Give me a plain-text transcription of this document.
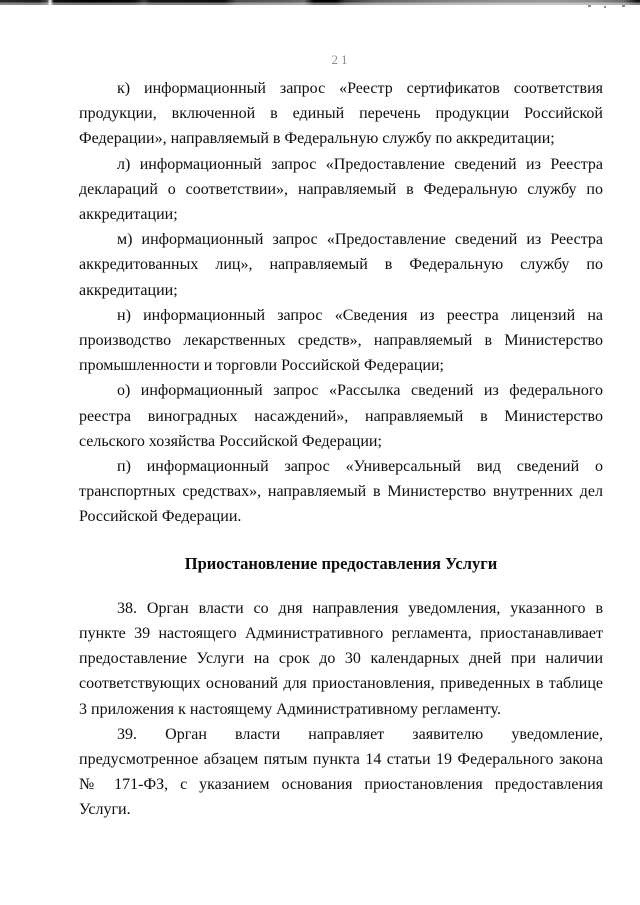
21

к) информационный запрос «Реестр сертификатов соответствия продукции, включенной в единый перечень продукции Российской Федерации», направляемый в Федеральную службу по аккредитации;

л) информационный запрос «Предоставление сведений из Реестра деклараций о соответствии», направляемый в Федеральную службу по аккредитации;

м) информационный запрос «Предоставление сведений из Реестра аккредитованных лиц», направляемый в Федеральную службу по аккредитации;

н) информационный запрос «Сведения из реестра лицензий на производство лекарственных средств», направляемый в Министерство промышленности и торговли Российской Федерации;

о) информационный запрос «Рассылка сведений из федерального реестра виноградных насаждений», направляемый в Министерство сельского хозяйства Российской Федерации;

п) информационный запрос «Универсальный вид сведений о транспортных средствах», направляемый в Министерство внутренних дел Российской Федерации.

Приостановление предоставления Услуги

38. Орган власти со дня направления уведомления, указанного в пункте 39 настоящего Административного регламента, приостанавливает предоставление Услуги на срок до 30 календарных дней при наличии соответствующих оснований для приостановления, приведенных в таблице 3 приложения к настоящему Административному регламенту.

39. Орган власти направляет заявителю уведомление, предусмотренное абзацем пятым пункта 14 статьи 19 Федерального закона № 171-ФЗ, с указанием основания приостановления предоставления Услуги.
